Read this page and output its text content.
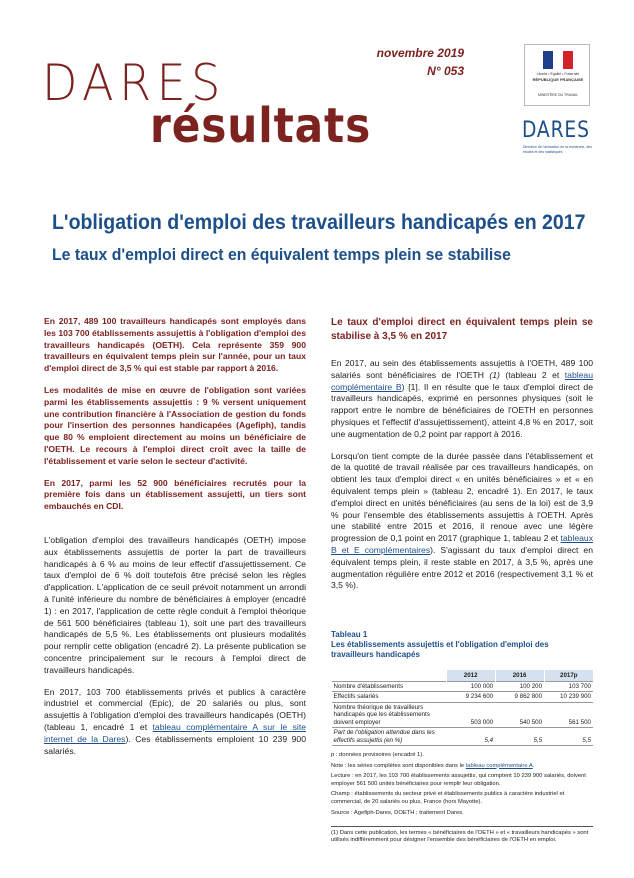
DARES
résultats
novembre 2019
N° 053	Liberté • Égalité • Fraternité
RÉPUBLIQUE FRANÇAISE
MINISTÈRE DU TRAVAIL
DARES
Direction de l'animation de la recherche, des études et des statistiques
L'obligation d'emploi des travailleurs handicapés en 2017
Le taux d'emploi direct en équivalent temps plein se stabilise

En 2017, 489 100 travailleurs handicapés sont employés dans les 103 700 établissements assujettis à l'obligation d'emploi des travailleurs handicapés (OETH). Cela représente 359 900 travailleurs en équivalent temps plein sur l'année, pour un taux d'emploi direct de 3,5 % qui est stable par rapport à 2016.

Les modalités de mise en œuvre de l'obligation sont variées parmi les établissements assujettis : 9 % versent uniquement une contribution financière à l'Association de gestion du fonds pour l'insertion des personnes handicapées (Agefiph), tandis que 80 % emploient directement au moins un bénéficiaire de l'OETH. Le recours à l'emploi direct croît avec la taille de l'établissement et varie selon le secteur d'activité.

En 2017, parmi les 52 900 bénéficiaires recrutés pour la première fois dans un établissement assujetti, un tiers sont embauchés en CDI.

L'obligation d'emploi des travailleurs handicapés (OETH) impose aux établissements assujettis de porter la part de travailleurs handicapés à 6 % au moins de leur effectif d'assujettissement. Ce taux d'emploi de 6 % doit toutefois être précisé selon les règles d'application. L'application de ce seuil prévoit notamment un arrondi à l'unité inférieure du nombre de bénéficiaires à employer (encadré 1) : en 2017, l'application de cette règle conduit à l'emploi théorique de 561 500 bénéficiaires (tableau 1), soit une part des travailleurs handicapés de 5,5 %. Les établissements ont plusieurs modalités pour remplir cette obligation (encadré 2). La présente publication se concentre principalement sur le recours à l'emploi direct de travailleurs handicapés.

En 2017, 103 700 établissements privés et publics à caractère industriel et commercial (Epic), de 20 salariés ou plus, sont assujettis à l'obligation d'emploi des travailleurs handicapés (OETH) (tableau 1, encadré 1 et tableau complémentaire A sur le site internet de la Dares). Ces établissements emploient 10 239 900 salariés.

Le taux d'emploi direct en équivalent temps plein se stabilise à 3,5 % en 2017

En 2017, au sein des établissements assujettis à l'OETH, 489 100 salariés sont bénéficiaires de l'OETH (1) (tableau 2 et tableau complémentaire B) [1]. Il en résulte que le taux d'emploi direct de travailleurs handicapés, exprimé en personnes physiques (soit le rapport entre le nombre de bénéficiaires de l'OETH en personnes physiques et l'effectif d'assujettissement), atteint 4,8 % en 2017, soit une augmentation de 0,2 point par rapport à 2016.

Lorsqu'on tient compte de la durée passée dans l'établissement et de la quotité de travail réalisée par ces travailleurs handicapés, on obtient les taux d'emploi direct « en unités bénéficiaires » et « en équivalent temps plein » (tableau 2, encadré 1). En 2017, le taux d'emploi direct en unités bénéficiaires (au sens de la loi) est de 3,9 % pour l'ensemble des établissements assujettis à l'OETH. Après une stabilité entre 2015 et 2016, il renoue avec une légère progression de 0,1 point en 2017 (graphique 1, tableau 2 et tableaux B et E complémentaires). S'agissant du taux d'emploi direct en équivalent temps plein, il reste stable en 2017, à 3,5 %, après une augmentation régulière entre 2012 et 2016 (respectivement 3,1 % et 3,5 %).

Tableau 1
Les établissements assujettis et l'obligation d'emploi des travailleurs handicapés
	2012	2016	2017p
Nombre d'établissements	100 000	100 200	103 700
Effectifs salariés	9 234 600	9 862 800	10 239 900
Nombre théorique de travailleurs handicapés que les établissements doivent employer	503 000	540 500	561 500
Part de l'obligation attendue dans les effectifs assujettis (en %)	5,4	5,5	5,5

p : données provisoires (encadré 1).

Note : les séries complètes sont disponibles dans le tableau complémentaire A.

Lecture : en 2017, les 103 700 établissements assujettis, qui comptent 10 239 900 salariés, doivent employer 561 500 unités bénéficiaires pour remplir leur obligation.

Champ : établissements du secteur privé et établissements publics à caractère industriel et commercial, de 20 salariés ou plus, France (hors Mayotte).

Source : Agefiph-Dares, DOETH ; traitement Dares.

(1) Dans cette publication, les termes « bénéficiaires de l'OETH » et « travailleurs handicapés » sont utilisés indifféremment pour désigner l'ensemble des bénéficiaires de l'OETH en emploi.
